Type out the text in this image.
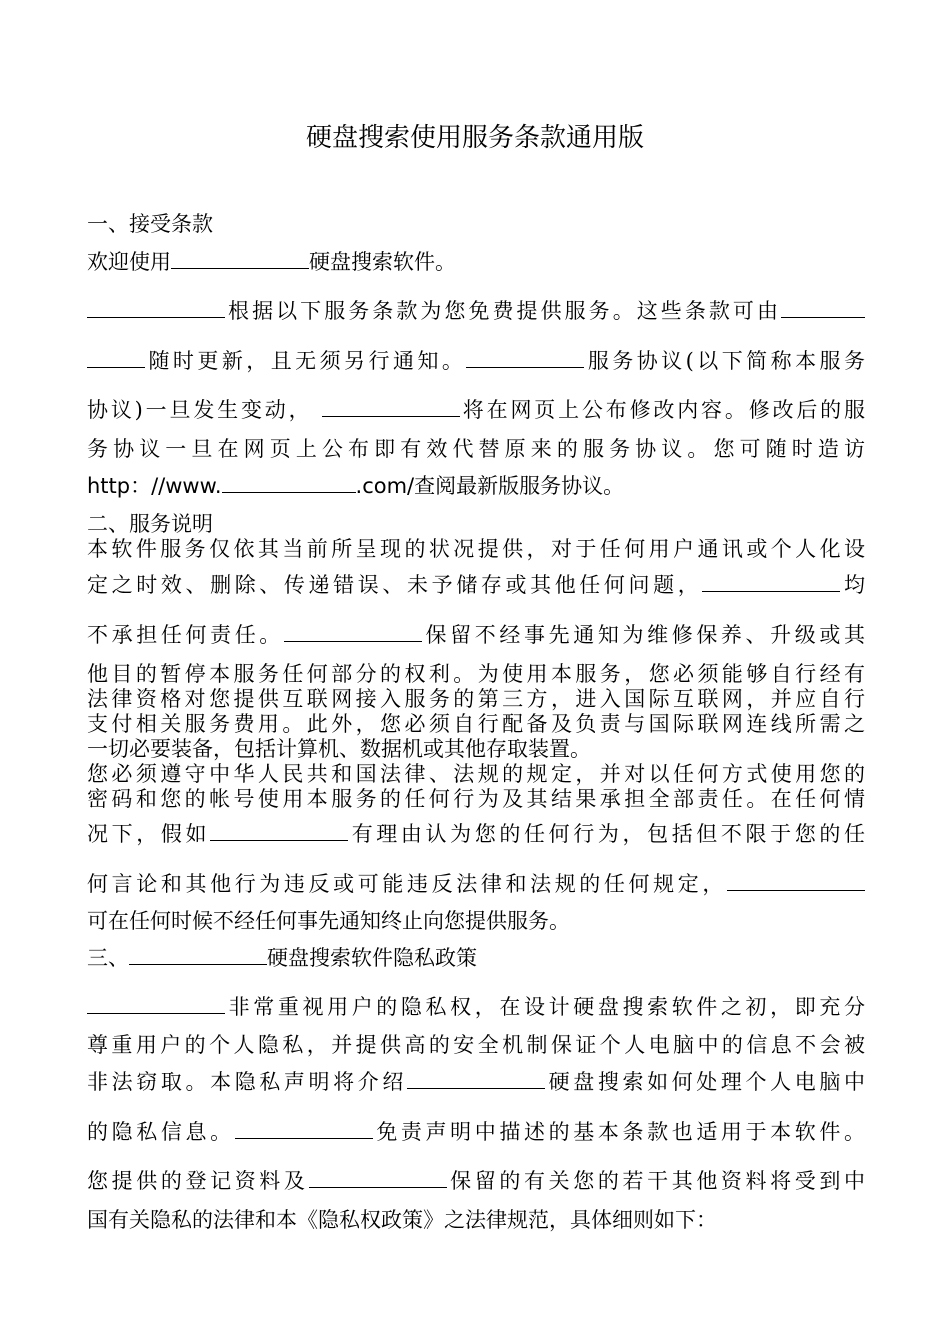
硬盘搜索使用服务条款通用版
一、接受条款
欢迎使用	硬盘搜索软件。
根据以下服务条款为您免费提供服务。这些条款可由
随时更新，且无须另行通知。	服务协议(以下简称本服务
协议)一旦发生变动，	将在网页上公布修改内容。修改后的服
务协议一旦在网页上公布即有效代替原来的服务协议。您可随时造访
http：//www.	.com/查阅最新版服务协议。
二、服务说明
本软件服务仅依其当前所呈现的状况提供，对于任何用户通讯或个人化设
定之时效、删除、传递错误、未予储存或其他任何问题，	均
不承担任何责任。	保留不经事先通知为维修保养、升级或其
他目的暂停本服务任何部分的权利。为使用本服务，您必须能够自行经有
法律资格对您提供互联网接入服务的第三方，进入国际互联网，并应自行
支付相关服务费用。此外，您必须自行配备及负责与国际联网连线所需之
一切必要装备，包括计算机、数据机或其他存取装置。
您必须遵守中华人民共和国法律、法规的规定，并对以任何方式使用您的
密码和您的帐号使用本服务的任何行为及其结果承担全部责任。在任何情
况下，假如	有理由认为您的任何行为，包括但不限于您的任
何言论和其他行为违反或可能违反法律和法规的任何规定，
可在任何时候不经任何事先通知终止向您提供服务。
三、	硬盘搜索软件隐私政策
非常重视用户的隐私权，在设计硬盘搜索软件之初，即充分
尊重用户的个人隐私，并提供高的安全机制保证个人电脑中的信息不会被
非法窃取。本隐私声明将介绍	硬盘搜索如何处理个人电脑中
的隐私信息。	免责声明中描述的基本条款也适用于本软件。
您提供的登记资料及	保留的有关您的若干其他资料将受到中
国有关隐私的法律和本《隐私权政策》之法律规范，具体细则如下：
